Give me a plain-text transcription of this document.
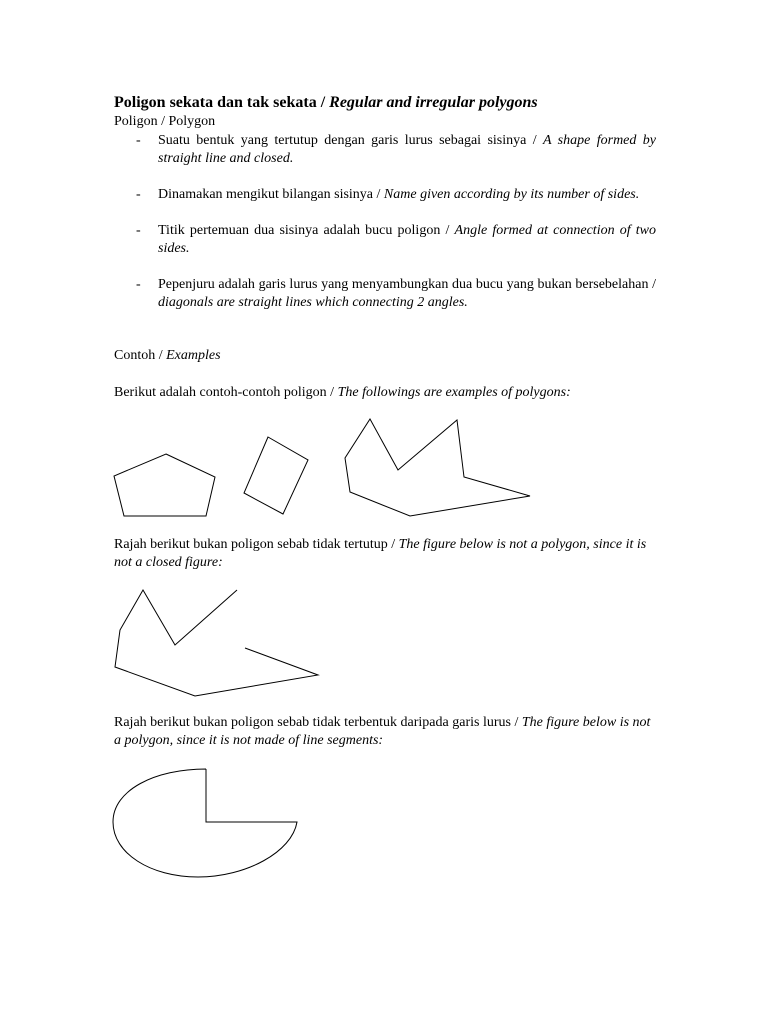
Poligon sekata dan tak sekata / Regular and irregular polygons
Poligon / Polygon
- Suatu bentuk yang tertutup dengan garis lurus sebagai sisinya / A shape formed by straight line and closed.
- Dinamakan mengikut bilangan sisinya / Name given according by its number of sides.
- Titik pertemuan dua sisinya adalah bucu poligon / Angle formed at connection of two sides.
- Pepenjuru adalah garis lurus yang menyambungkan dua bucu yang bukan bersebelahan / diagonals are straight lines which connecting 2 angles.
Contoh / Examples
Berikut adalah contoh-contoh poligon / The followings are examples of polygons:
Rajah berikut bukan poligon sebab tidak tertutup / The figure below is not a polygon, since it is not a closed figure:
Rajah berikut bukan poligon sebab tidak terbentuk daripada garis lurus / The figure below is not a polygon, since it is not made of line segments:
